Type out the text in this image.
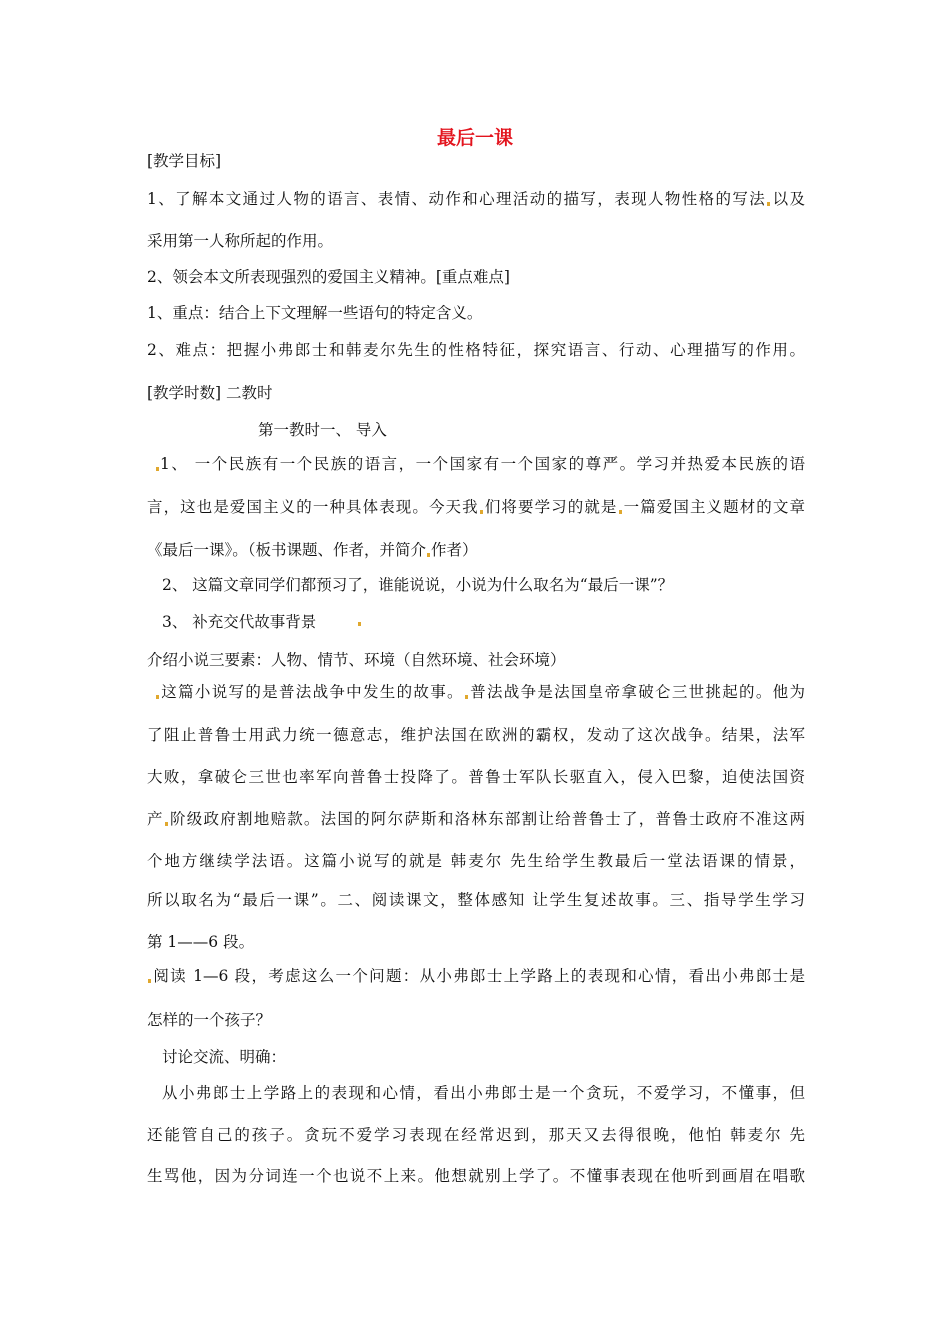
最后一课
[教学目标]
1、了解本文通过人物的语言、表情、动作和心理活动的描写，表现人物性格的写法 以及
采用第一人称所起的作用。
2、领会本文所表现强烈的爱国主义精神。[重点难点]
1、重点：结合上下文理解一些语句的特定含义。
2、难点：把握小弗郎士和韩麦尔先生的性格特征，探究语言、行动、心理描写的作用。
[教学时数] 二教时
第一教时一、 导入
1、 一个民族有一个民族的语言，一个国家有一个国家的尊严。学习并热爱本民族的语
言，这也是爱国主义的一种具体表现。今天我 们将要学习的就是 一篇爱国主义题材的文章
《最后一课》。（板书课题、作者，并简介 作者）
2、 这篇文章同学们都预习了，谁能说说，小说为什么取名为“最后一课”？
3、 补充交代故事背景
介绍小说三要素：人物、情节、环境（自然环境、社会环境）
这篇小说写的是普法战争中发生的故事。 普法战争是法国皇帝拿破仑三世挑起的。他为
了阻止普鲁士用武力统一德意志，维护法国在欧洲的霸权，发动了这次战争。结果，法军
大败，拿破仑三世也率军向普鲁士投降了。普鲁士军队长驱直入，侵入巴黎，迫使法国资
产 阶级政府割地赔款。法国的阿尔萨斯和洛林东部割让给普鲁士了，普鲁士政府不准这两
个地方继续学法语。这篇小说写的就是 韩麦尔 先生给学生教最后一堂法语课的情景，
所以取名为“最后一课”。二、阅读课文，整体感知 让学生复述故事。三、指导学生学习
第 1——6 段。
阅读 1—6 段，考虑这么一个问题：从小弗郎士上学路上的表现和心情，看出小弗郎士是
怎样的一个孩子？
讨论交流、明确：
从小弗郎士上学路上的表现和心情，看出小弗郎士是一个贪玩，不爱学习，不懂事，但
还能管自己的孩子。贪玩不爱学习表现在经常迟到，那天又去得很晚，他怕 韩麦尔 先
生骂他，因为分词连一个也说不上来。他想就别上学了。不懂事表现在他听到画眉在唱歌
